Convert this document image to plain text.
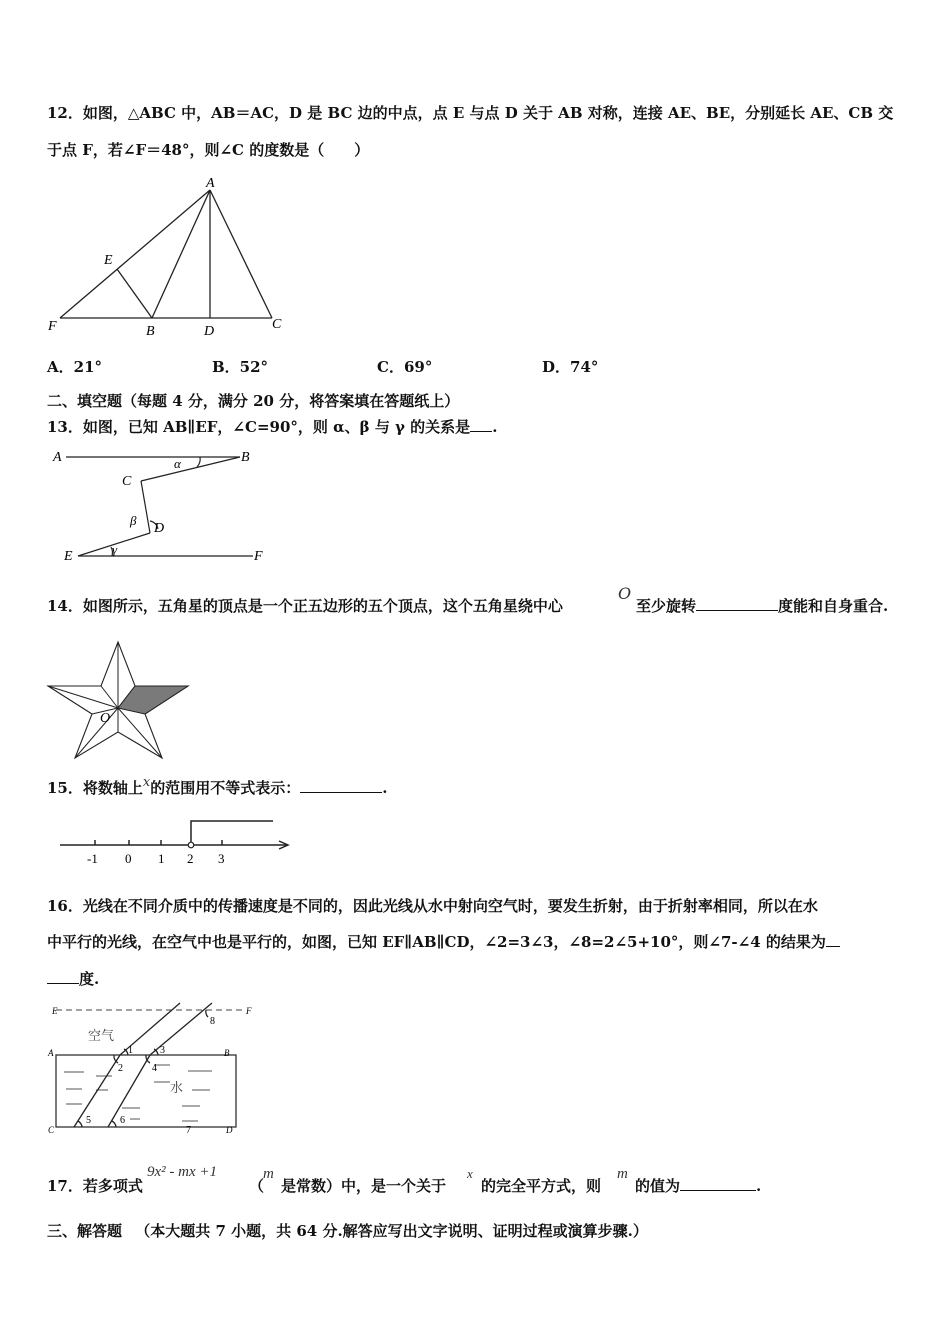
12．如图，△ABC 中，AB＝AC，D 是 BC 边的中点，点 E 与点 D 关于 AB 对称，连接 AE、BE，分别延长 AE、CB 交
于点 F，若∠F＝48°，则∠C 的度数是（　　）
A
E
F	B	D	C
A．21°	B．52°	C．69°	D．74°
二、填空题（每题 4 分，满分 20 分，将答案填在答题纸上）
13．如图，已知 AB∥EF，∠C=90°，则 α、β 与 γ 的关系是 .
A	B
C
D
E	F
α
β
γ
14．如图所示，五角星的顶点是一个正五边形的五个顶点，这个五角星绕中心
O
至少旋转	度能和自身重合.
O
15．将数轴上x的范围用不等式表示：	.
-1 0 1 2 3
16．光线在不同介质中的传播速度是不同的，因此光线从水中射向空气时，要发生折射，由于折射率相同，所以在水
中平行的光线，在空气中也是平行的，如图，已知 EF∥AB∥CD，∠2=3∠3，∠8=2∠5+10°，则∠7-∠4 的结果为
度.
E	F
A	B
C	D
空气
水
1
2
3
4
5	6
7
8
17．若多项式
9x² - mx +1
（
m
是常数）中，是一个关于
x
的完全平方式，则
m
的值为	.
三、解答题 （本大题共 7 小题，共 64 分.解答应写出文字说明、证明过程或演算步骤.）
